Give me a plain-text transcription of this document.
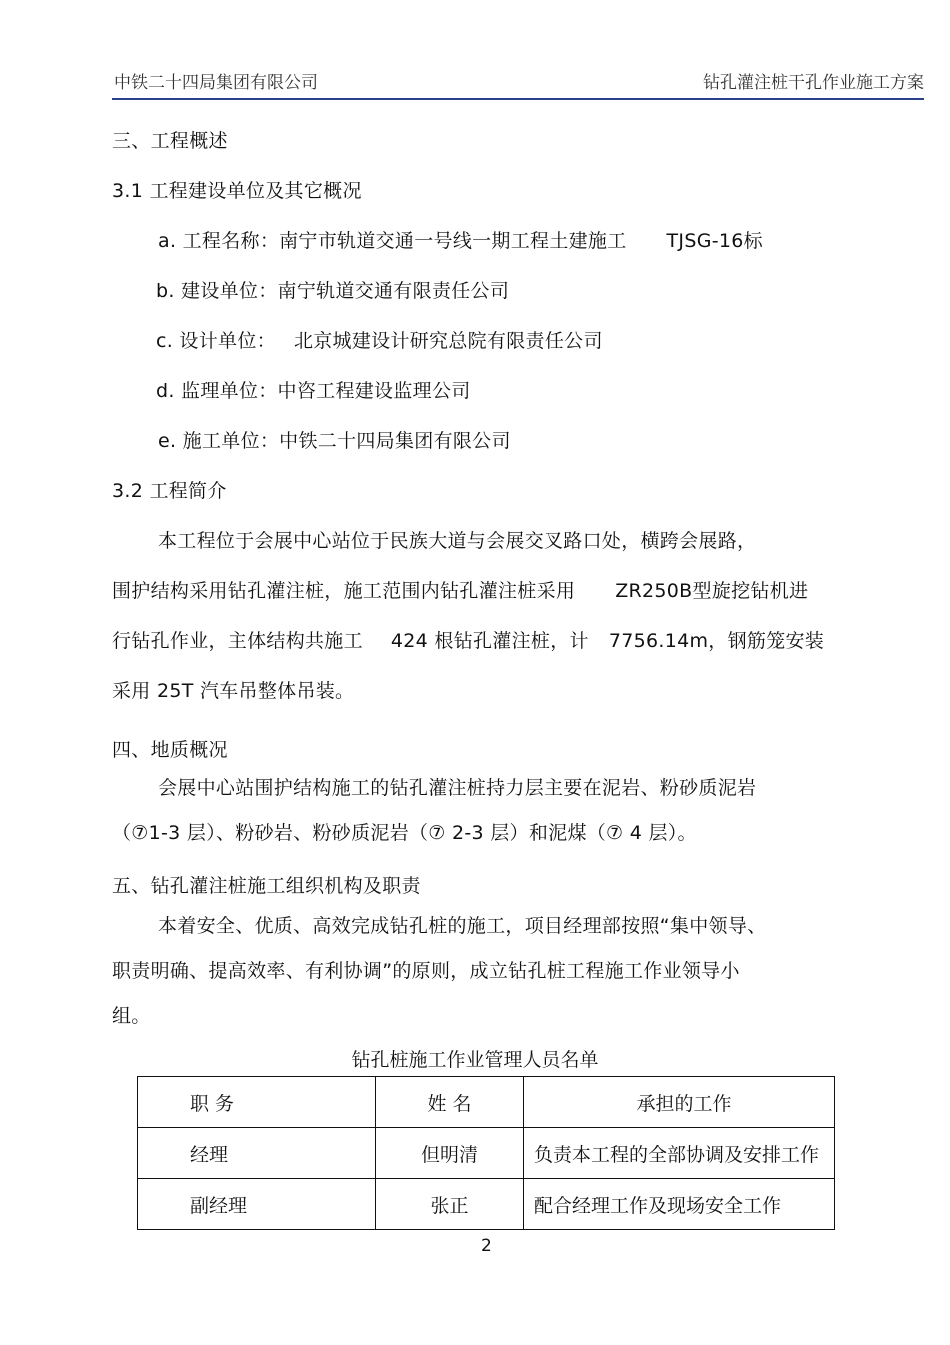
中铁二十四局集团有限公司	钻孔灌注桩干孔作业施工方案
三、工程概述
3.1 工程建设单位及其它概况
a. 工程名称：南宁市轨道交通一号线一期工程土建施工 TJSG-16标
b. 建设单位：南宁轨道交通有限责任公司
c. 设计单位： 北京城建设计研究总院有限责任公司
d. 监理单位：中咨工程建设监理公司
e. 施工单位：中铁二十四局集团有限公司
3.2 工程简介
本工程位于会展中心站位于民族大道与会展交叉路口处，横跨会展路，
围护结构采用钻孔灌注桩，施工范围内钻孔灌注桩采用 ZR250B型旋挖钻机进
行钻孔作业，主体结构共施工 424 根钻孔灌注桩，计 7756.14m，钢筋笼安装
采用 25T 汽车吊整体吊装。
四、地质概况
会展中心站围护结构施工的钻孔灌注桩持力层主要在泥岩、粉砂质泥岩
（⑦1-3 层）、粉砂岩、粉砂质泥岩（⑦ 2-3 层）和泥煤（⑦ 4 层）。
五、钻孔灌注桩施工组织机构及职责
本着安全、优质、高效完成钻孔桩的施工，项目经理部按照“集中领导、
职责明确、提高效率、有利协调”的原则，成立钻孔桩工程施工作业领导小
组。
钻孔桩施工作业管理人员名单
职 务	姓 名	承担的工作
经理	但明清	负责本工程的全部协调及安排工作
副经理	张正	配合经理工作及现场安全工作
2
